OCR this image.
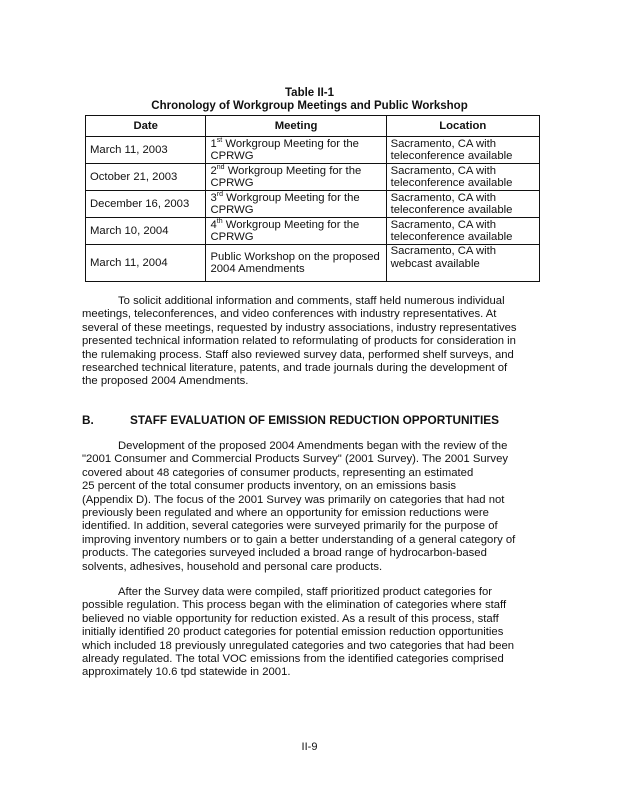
Table II-1
Chronology of Workgroup Meetings and Public Workshop
Date	Meeting	Location
March 11, 2003	1st Workgroup Meeting for the CPRWG	Sacramento, CA with teleconference available
October 21, 2003	2nd Workgroup Meeting for the CPRWG	Sacramento, CA with teleconference available
December 16, 2003	3rd Workgroup Meeting for the CPRWG	Sacramento, CA with teleconference available
March 10, 2004	4th Workgroup Meeting for the CPRWG	Sacramento, CA with teleconference available
March 11, 2004	Public Workshop on the proposed 2004 Amendments	Sacramento, CA with webcast available
To solicit additional information and comments, staff held numerous individual
meetings, teleconferences, and video conferences with industry representatives. At
several of these meetings, requested by industry associations, industry representatives
presented technical information related to reformulating of products for consideration in
the rulemaking process. Staff also reviewed survey data, performed shelf surveys, and
researched technical literature, patents, and trade journals during the development of
the proposed 2004 Amendments.
B.	STAFF EVALUATION OF EMISSION REDUCTION OPPORTUNITIES
Development of the proposed 2004 Amendments began with the review of the
"2001 Consumer and Commercial Products Survey" (2001 Survey). The 2001 Survey
covered about 48 categories of consumer products, representing an estimated
25 percent of the total consumer products inventory, on an emissions basis
(Appendix D). The focus of the 2001 Survey was primarily on categories that had not
previously been regulated and where an opportunity for emission reductions were
identified. In addition, several categories were surveyed primarily for the purpose of
improving inventory numbers or to gain a better understanding of a general category of
products. The categories surveyed included a broad range of hydrocarbon-based
solvents, adhesives, household and personal care products.
After the Survey data were compiled, staff prioritized product categories for
possible regulation. This process began with the elimination of categories where staff
believed no viable opportunity for reduction existed. As a result of this process, staff
initially identified 20 product categories for potential emission reduction opportunities
which included 18 previously unregulated categories and two categories that had been
already regulated. The total VOC emissions from the identified categories comprised
approximately 10.6 tpd statewide in 2001.
II-9
